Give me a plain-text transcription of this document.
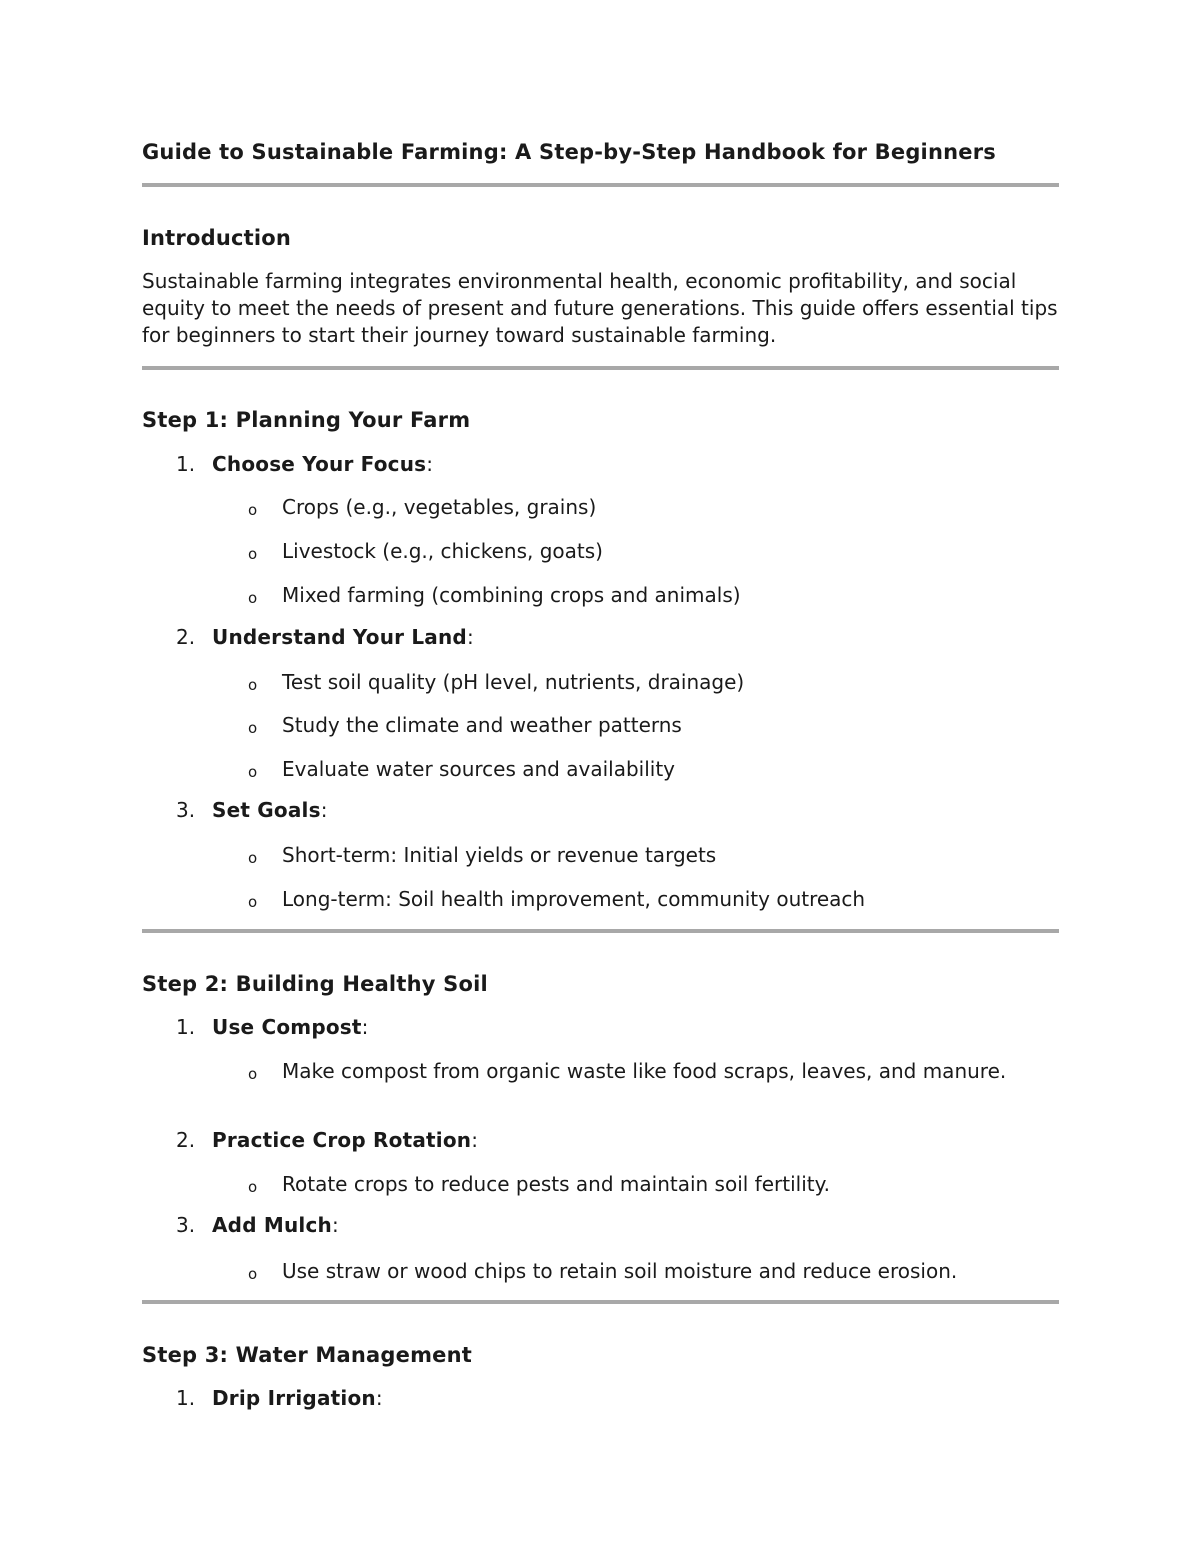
Guide to Sustainable Farming: A Step-by-Step Handbook for Beginners
Introduction
Sustainable farming integrates environmental health, economic profitability, and social equity to meet the needs of present and future generations. This guide offers essential tips for beginners to start their journey toward sustainable farming.
Step 1: Planning Your Farm
1. Choose Your Focus:
o Crops (e.g., vegetables, grains)
o Livestock (e.g., chickens, goats)
o Mixed farming (combining crops and animals)
2. Understand Your Land:
o Test soil quality (pH level, nutrients, drainage)
o Study the climate and weather patterns
o Evaluate water sources and availability
3. Set Goals:
o Short-term: Initial yields or revenue targets
o Long-term: Soil health improvement, community outreach
Step 2: Building Healthy Soil
1. Use Compost:
o Make compost from organic waste like food scraps, leaves, and manure.
2. Practice Crop Rotation:
o Rotate crops to reduce pests and maintain soil fertility.
3. Add Mulch:
o Use straw or wood chips to retain soil moisture and reduce erosion.
Step 3: Water Management
1. Drip Irrigation:
